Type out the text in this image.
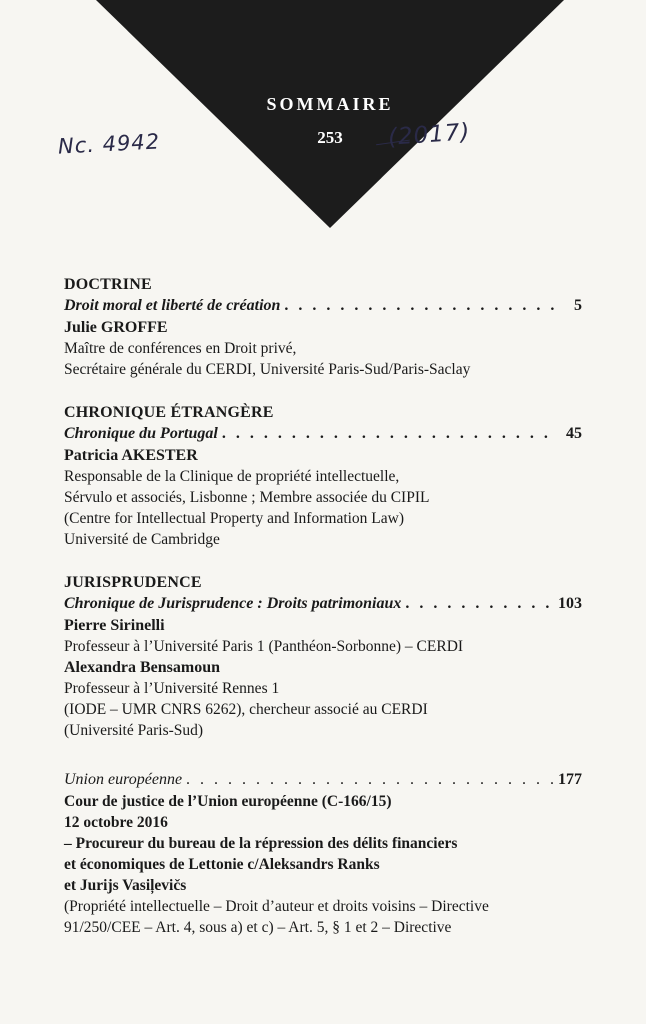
SOMMAIRE
253
Nc. 4942	(2017)
DOCTRINE
Droit moral et liberté de création . . .	5
Julie GROFFE
Maître de conférences en Droit privé,
Secrétaire générale du CERDI, Université Paris-Sud/Paris-Saclay
CHRONIQUE ÉTRANGÈRE
Chronique du Portugal . . .	45
Patricia AKESTER
Responsable de la Clinique de propriété intellectuelle,
Sérvulo et associés, Lisbonne ; Membre associée du CIPIL
(Centre for Intellectual Property and Information Law)
Université de Cambridge
JURISPRUDENCE
Chronique de Jurisprudence : Droits patrimoniaux . . .	103
Pierre Sirinelli
Professeur à l’Université Paris 1 (Panthéon-Sorbonne) – CERDI
Alexandra Bensamoun
Professeur à l’Université Rennes 1
(IODE – UMR CNRS 6262), chercheur associé au CERDI
(Université Paris-Sud)
Union européenne . . .	177
Cour de justice de l’Union européenne (C-166/15)
12 octobre 2016
– Procureur du bureau de la répression des délits financiers
et économiques de Lettonie c/Aleksandrs Ranks
et Jurijs Vasiļevičs
(Propriété intellectuelle – Droit d’auteur et droits voisins – Directive
91/250/CEE – Art. 4, sous a) et c) – Art. 5, § 1 et 2 – Directive
